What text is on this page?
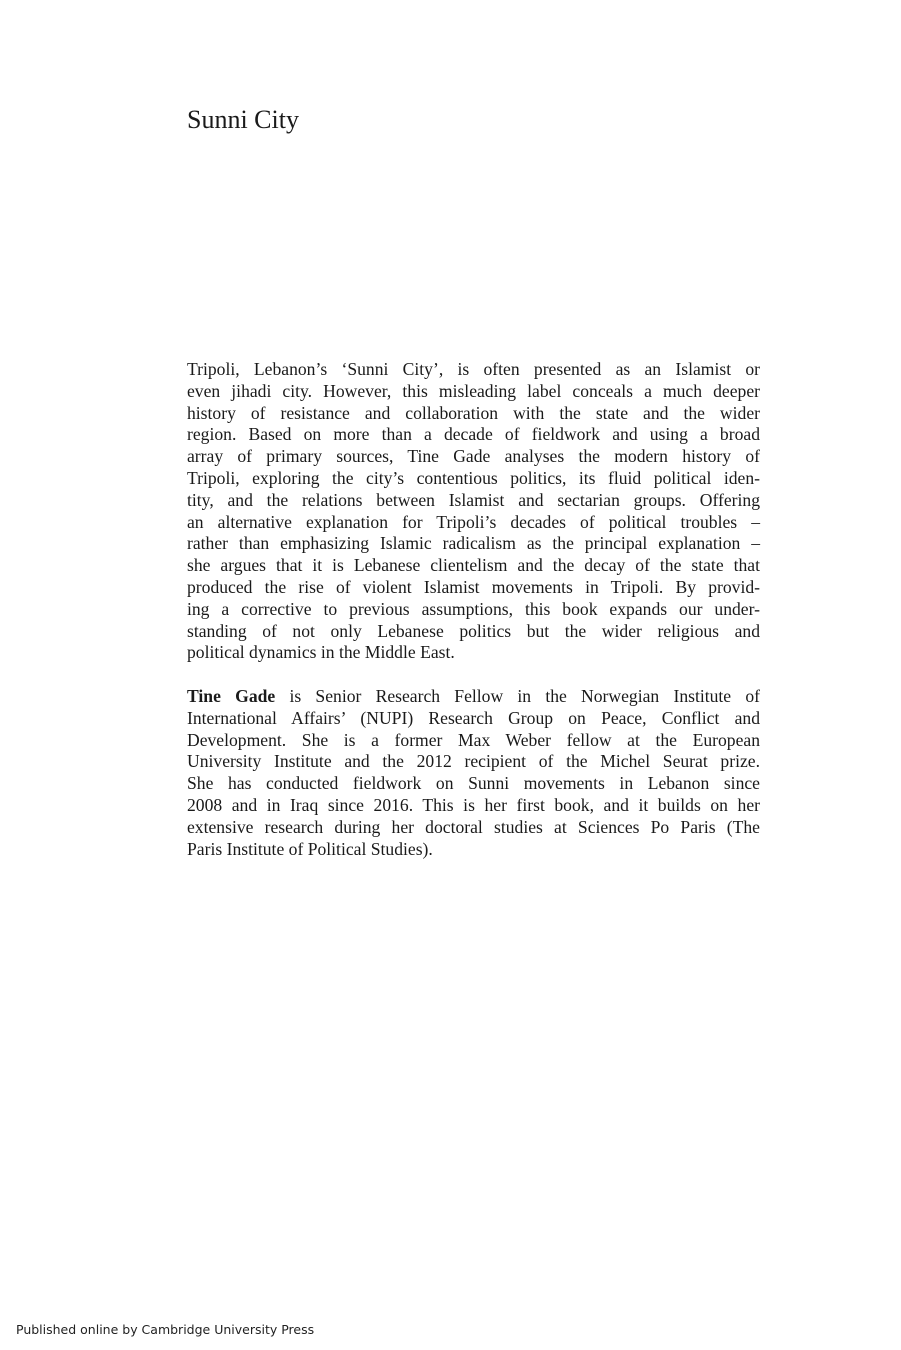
Sunni City
Tripoli, Lebanon’s ‘Sunni City’, is often presented as an Islamist or
even jihadi city. However, this misleading label conceals a much deeper
history of resistance and collaboration with the state and the wider
region. Based on more than a decade of fieldwork and using a broad
array of primary sources, Tine Gade analyses the modern history of
Tripoli, exploring the city’s contentious politics, its fluid political iden-
tity, and the relations between Islamist and sectarian groups. Offering
an alternative explanation for Tripoli’s decades of political troubles –
rather than emphasizing Islamic radicalism as the principal explanation –
she argues that it is Lebanese clientelism and the decay of the state that
produced the rise of violent Islamist movements in Tripoli. By provid-
ing a corrective to previous assumptions, this book expands our under-
standing of not only Lebanese politics but the wider religious and
political dynamics in the Middle East.
Tine Gade is Senior Research Fellow in the Norwegian Institute of
International Affairs’ (NUPI) Research Group on Peace, Conflict and
Development. She is a former Max Weber fellow at the European
University Institute and the 2012 recipient of the Michel Seurat prize.
She has conducted fieldwork on Sunni movements in Lebanon since
2008 and in Iraq since 2016. This is her first book, and it builds on her
extensive research during her doctoral studies at Sciences Po Paris (The
Paris Institute of Political Studies).
Published online by Cambridge University Press
